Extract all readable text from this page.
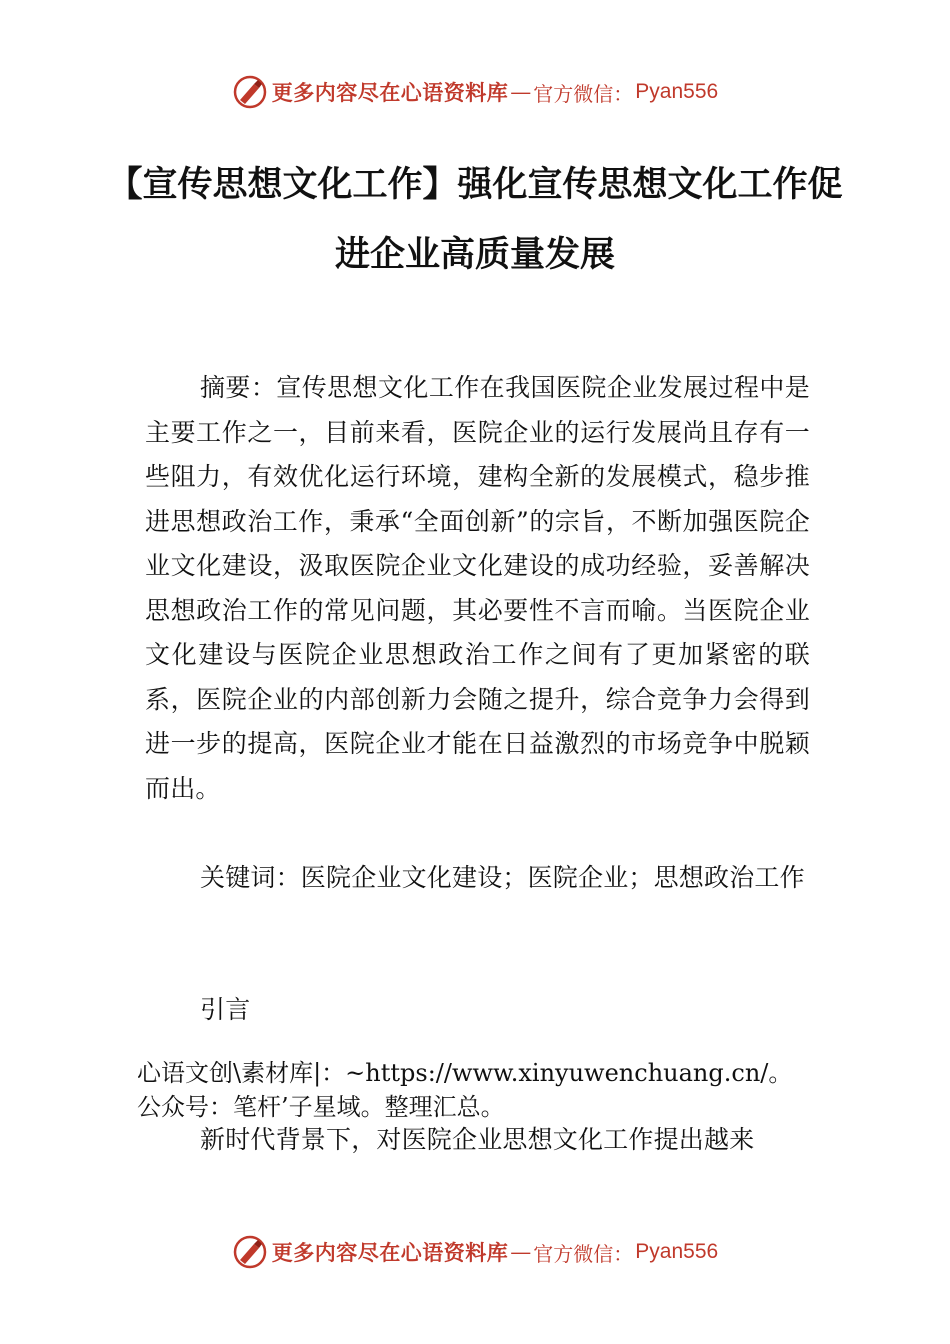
更多内容尽在心语资料库 — 官方微信： Pyan556
【宣传思想文化工作】强化宣传思想文化工作促进企业高质量发展

摘要：宣传思想文化工作在我国医院企业发展过程中是主要工作之一，目前来看，医院企业的运行发展尚且存有一些阻力，有效优化运行环境，建构全新的发展模式，稳步推进思想政治工作，秉承“全面创新”的宗旨，不断加强医院企业文化建设，汲取医院企业文化建设的成功经验，妥善解决思想政治工作的常见问题，其必要性不言而喻。当医院企业文化建设与医院企业思想政治工作之间有了更加紧密的联系，医院企业的内部创新力会随之提升，综合竞争力会得到进一步的提高，医院企业才能在日益激烈的市场竞争中脱颖而出。

关键词：医院企业文化建设；医院企业；思想政治工作

引言

心语文创\素材库|：~https://www.xinyuwenchuang.cn/。
公众号：笔杆’子星域。整理汇总。

新时代背景下，对医院企业思想文化工作提出越来

更多内容尽在心语资料库 — 官方微信： Pyan556
